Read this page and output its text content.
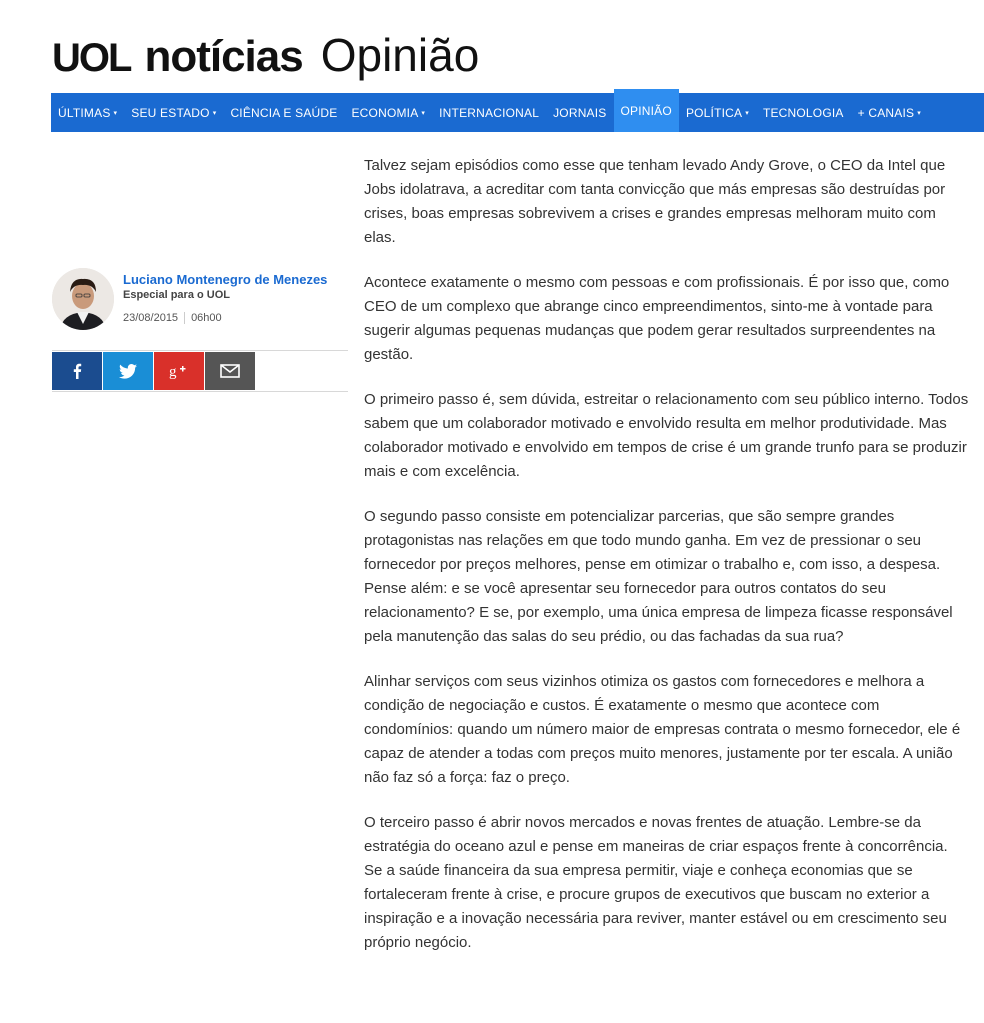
UOL notícias Opinião
ÚLTIMAS ▾ SEU ESTADO ▾ CIÊNCIA E SAÚDE ECONOMIA ▾ INTERNACIONAL JORNAIS OPINIÃO POLÍTICA ▾ TECNOLOGIA + CANAIS ▾
Luciano Montenegro de Menezes
Especial para o UOL
23/08/2015 06h00
g

Talvez sejam episódios como esse que tenham levado Andy Grove, o CEO da Intel que Jobs idolatrava, a acreditar com tanta convicção que más empresas são destruídas por crises, boas empresas sobrevivem a crises e grandes empresas melhoram muito com elas.

Acontece exatamente o mesmo com pessoas e com profissionais. É por isso que, como CEO de um complexo que abrange cinco empreendimentos, sinto-me à vontade para sugerir algumas pequenas mudanças que podem gerar resultados surpreendentes na gestão.

O primeiro passo é, sem dúvida, estreitar o relacionamento com seu público interno. Todos sabem que um colaborador motivado e envolvido resulta em melhor produtividade. Mas colaborador motivado e envolvido em tempos de crise é um grande trunfo para se produzir mais e com excelência.

O segundo passo consiste em potencializar parcerias, que são sempre grandes protagonistas nas relações em que todo mundo ganha. Em vez de pressionar o seu fornecedor por preços melhores, pense em otimizar o trabalho e, com isso, a despesa. Pense além: e se você apresentar seu fornecedor para outros contatos do seu relacionamento? E se, por exemplo, uma única empresa de limpeza ficasse responsável pela manutenção das salas do seu prédio, ou das fachadas da sua rua?

Alinhar serviços com seus vizinhos otimiza os gastos com fornecedores e melhora a condição de negociação e custos. É exatamente o mesmo que acontece com condomínios: quando um número maior de empresas contrata o mesmo fornecedor, ele é capaz de atender a todas com preços muito menores, justamente por ter escala. A união não faz só a força: faz o preço.

O terceiro passo é abrir novos mercados e novas frentes de atuação. Lembre-se da estratégia do oceano azul e pense em maneiras de criar espaços frente à concorrência. Se a saúde financeira da sua empresa permitir, viaje e conheça economias que se fortaleceram frente à crise, e procure grupos de executivos que buscam no exterior a inspiração e a inovação necessária para reviver, manter estável ou em crescimento seu próprio negócio.
